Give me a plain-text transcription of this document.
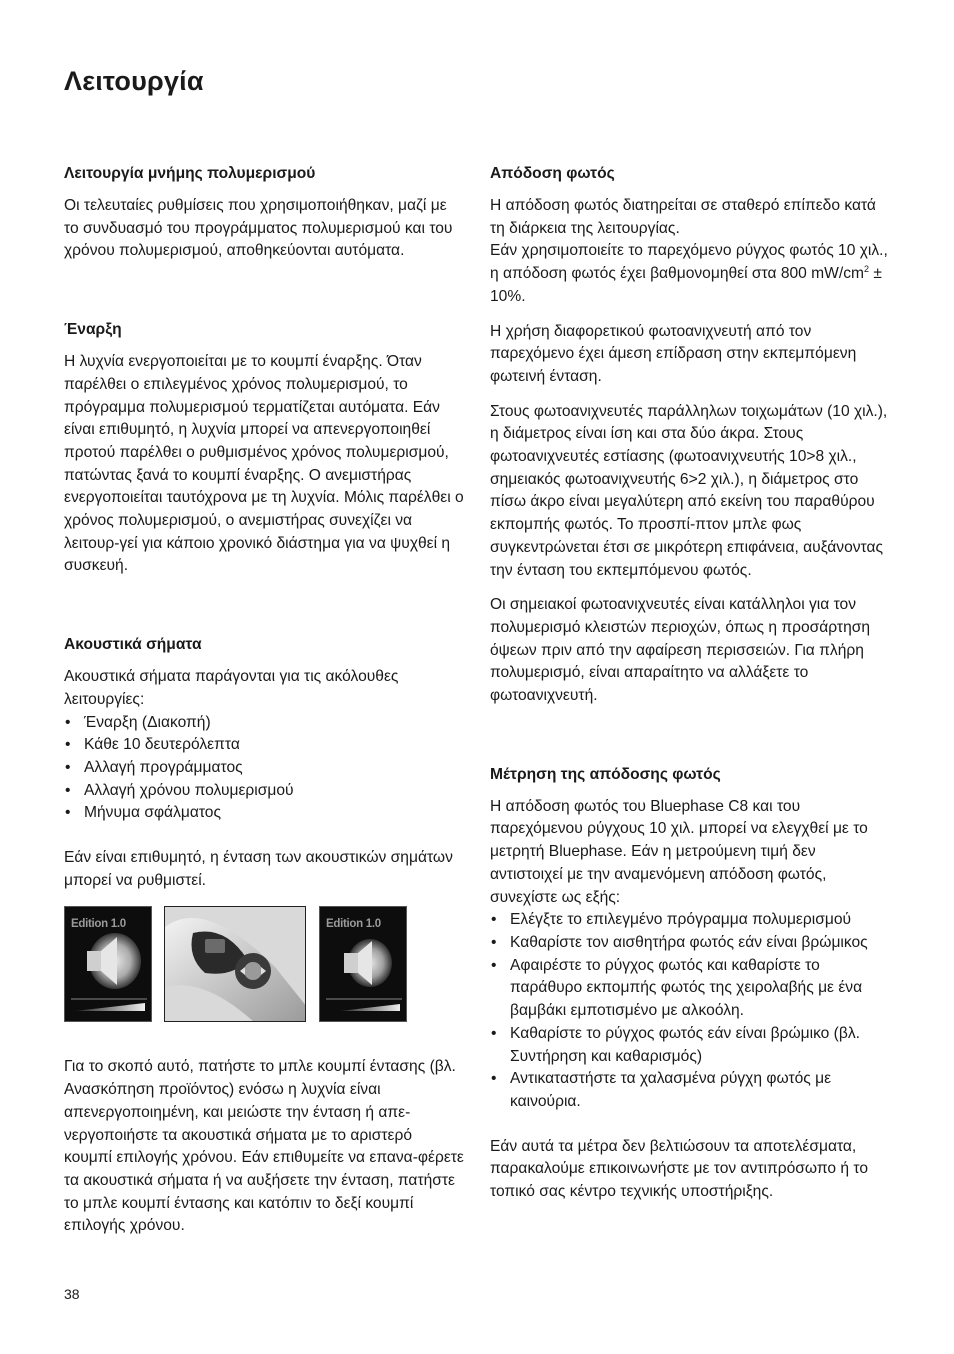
Λειτουργία
Λειτουργία μνήμης πολυμερισμού

Οι τελευταίες ρυθμίσεις που χρησιμοποιήθηκαν, μαζί με το συνδυασμό του προγράμματος πολυμερισμού και του χρόνου πολυμερισμού, αποθηκεύονται αυτόματα.

Έναρξη

Η λυχνία ενεργοποιείται με το κουμπί έναρξης. Όταν παρέλθει ο επιλεγμένος χρόνος πολυμερισμού, το πρόγραμμα πολυμερισμού τερματίζεται αυτόματα. Εάν είναι επιθυμητό, η λυχνία μπορεί να απενεργοποιηθεί προτού παρέλθει ο ρυθμισμένος χρόνος πολυμερισμού, πατώντας ξανά το κουμπί έναρξης. Ο ανεμιστήρας ενεργοποιείται ταυτόχρονα με τη λυχνία. Μόλις παρέλθει ο χρόνος πολυμερισμού, ο ανεμιστήρας συνεχίζει να λειτουρ-γεί για κάποιο χρονικό διάστημα για να ψυχθεί η συσκευή.

Ακουστικά σήματα

Ακουστικά σήματα παράγονται για τις ακόλουθες λειτουργίες:

• Έναρξη (Διακοπή)
• Κάθε 10 δευτερόλεπτα
• Αλλαγή προγράμματος
• Αλλαγή χρόνου πολυμερισμού
• Μήνυμα σφάλματος

Εάν είναι επιθυμητό, η ένταση των ακουστικών σημάτων μπορεί να ρυθμιστεί.

Edition 1.0	Edition 1.0

Για το σκοπό αυτό, πατήστε το μπλε κουμπί έντασης (βλ. Ανασκόπηση προϊόντος) ενόσω η λυχνία είναι απενεργοποιημένη, και μειώστε την ένταση ή απε-νεργοποιήστε τα ακουστικά σήματα με το αριστερό κουμπί επιλογής χρόνου. Εάν επιθυμείτε να επανα-φέρετε τα ακουστικά σήματα ή να αυξήσετε την ένταση, πατήστε το μπλε κουμπί έντασης και κατόπιν το δεξί κουμπί επιλογής χρόνου.

Απόδοση φωτός

Η απόδοση φωτός διατηρείται σε σταθερό επίπεδο κατά τη διάρκεια της λειτουργίας.
Εάν χρησιμοποιείτε το παρεχόμενο ρύγχος φωτός 10 χιλ., η απόδοση φωτός έχει βαθμονομηθεί στα 800 $mW/cm^2 \pm 10\%$.

Η χρήση διαφορετικού φωτοανιχνευτή από τον παρεχόμενο έχει άμεση επίδραση στην εκπεμπόμενη φωτεινή ένταση.

Στους φωτοανιχνευτές παράλληλων τοιχωμάτων (10 χιλ.), η διάμετρος είναι ίση και στα δύο άκρα. Στους φωτοανιχνευτές εστίασης (φωτοανιχνευτής 10>8 χιλ., σημειακός φωτοανιχνευτής 6>2 χιλ.), η διάμετρος στο πίσω άκρο είναι μεγαλύτερη από εκείνη του παραθύρου εκπομπής φωτός. Το προσπί-πτον μπλε φως συγκεντρώνεται έτσι σε μικρότερη επιφάνεια, αυξάνοντας την ένταση του εκπεμπόμενου φωτός.

Οι σημειακοί φωτοανιχνευτές είναι κατάλληλοι για τον πολυμερισμό κλειστών περιοχών, όπως η προσάρτηση όψεων πριν από την αφαίρεση περισσειών. Για πλήρη πολυμερισμό, είναι απαραίτητο να αλλάξετε το φωτοανιχνευτή.

Μέτρηση της απόδοσης φωτός

Η απόδοση φωτός του Bluephase C8 και του παρεχόμενου ρύγχους 10 χιλ. μπορεί να ελεγχθεί με το μετρητή Bluephase. Εάν η μετρούμενη τιμή δεν αντιστοιχεί με την αναμενόμενη απόδοση φωτός, συνεχίστε ως εξής:

• Ελέγξτε το επιλεγμένο πρόγραμμα πολυμερισμού
• Καθαρίστε τον αισθητήρα φωτός εάν είναι βρώμικος
• Αφαιρέστε το ρύγχος φωτός και καθαρίστε το παράθυρο εκπομπής φωτός της χειρολαβής με ένα βαμβάκι εμποτισμένο με αλκοόλη.
• Καθαρίστε το ρύγχος φωτός εάν είναι βρώμικο (βλ. Συντήρηση και καθαρισμός)
• Αντικαταστήστε τα χαλασμένα ρύγχη φωτός με καινούρια.

Εάν αυτά τα μέτρα δεν βελτιώσουν τα αποτελέσματα, παρακαλούμε επικοινωνήστε με τον αντιπρόσωπο ή το τοπικό σας κέντρο τεχνικής υποστήριξης.

38
